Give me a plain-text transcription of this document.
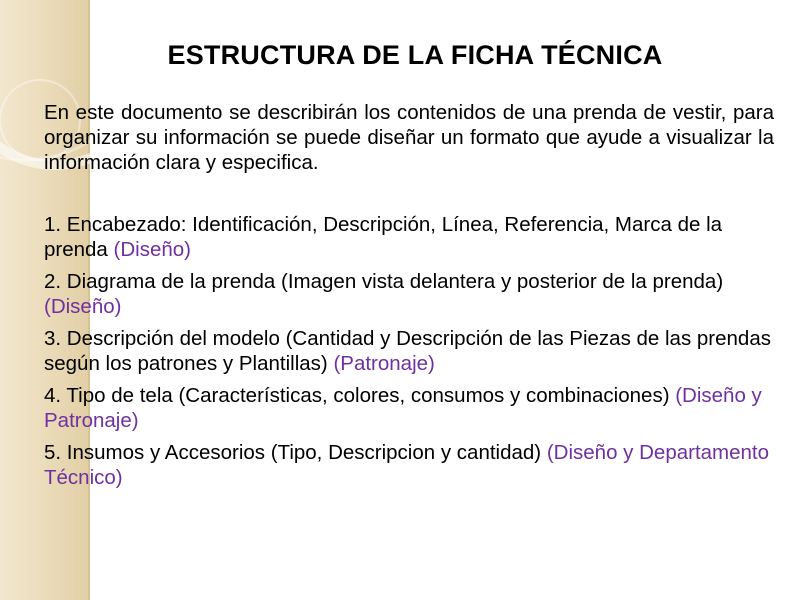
ESTRUCTURA DE LA FICHA TÉCNICA
En este documento se describirán los contenidos de una prenda de vestir, para organizar su información se puede diseñar un formato que ayude a visualizar la información clara y especifica.
1. Encabezado: Identificación, Descripción, Línea, Referencia, Marca de la prenda (Diseño)
2. Diagrama de la prenda (Imagen vista delantera y posterior de la prenda) (Diseño)
3. Descripción del modelo (Cantidad y Descripción de las Piezas de las prendas según los patrones y Plantillas) (Patronaje)
4. Tipo de tela (Características, colores, consumos y combinaciones) (Diseño y Patronaje)
5. Insumos y Accesorios (Tipo, Descripcion y cantidad) (Diseño y Departamento Técnico)
